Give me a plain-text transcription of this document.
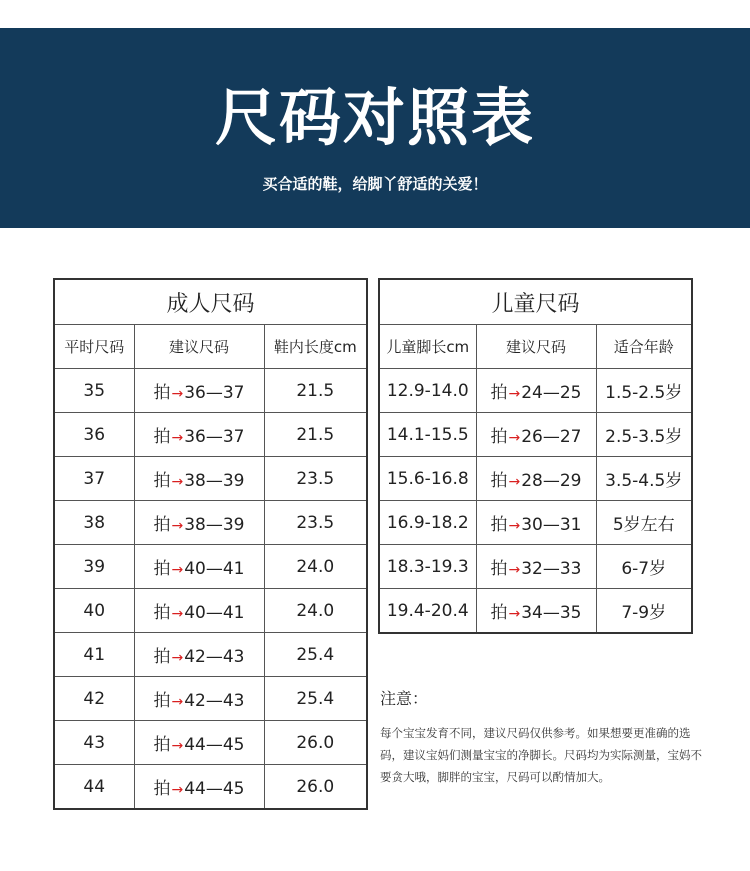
尺码对照表
买合适的鞋，给脚丫舒适的关爱！
成人尺码		
平时尺码	建议尺码	鞋内长度cm
35	拍→36—37	21.5
36	拍→36—37	21.5
37	拍→38—39	23.5
38	拍→38—39	23.5
39	拍→40—41	24.0
40	拍→40—41	24.0
41	拍→42—43	25.4
42	拍→42—43	25.4
43	拍→44—45	26.0
44	拍→44—45	26.0
儿童尺码		
儿童脚长cm	建议尺码	适合年龄
12.9-14.0	拍→24—25	1.5-2.5岁
14.1-15.5	拍→26—27	2.5-3.5岁
15.6-16.8	拍→28—29	3.5-4.5岁
16.9-18.2	拍→30—31	5岁左右
18.3-19.3	拍→32—33	6-7岁
19.4-20.4	拍→34—35	7-9岁
注意：
每个宝宝发育不同，建议尺码仅供参考。如果想要更准确的选码，建议宝妈们测量宝宝的净脚长。尺码均为实际测量，宝妈不要贪大哦，脚胖的宝宝，尺码可以酌情加大。
